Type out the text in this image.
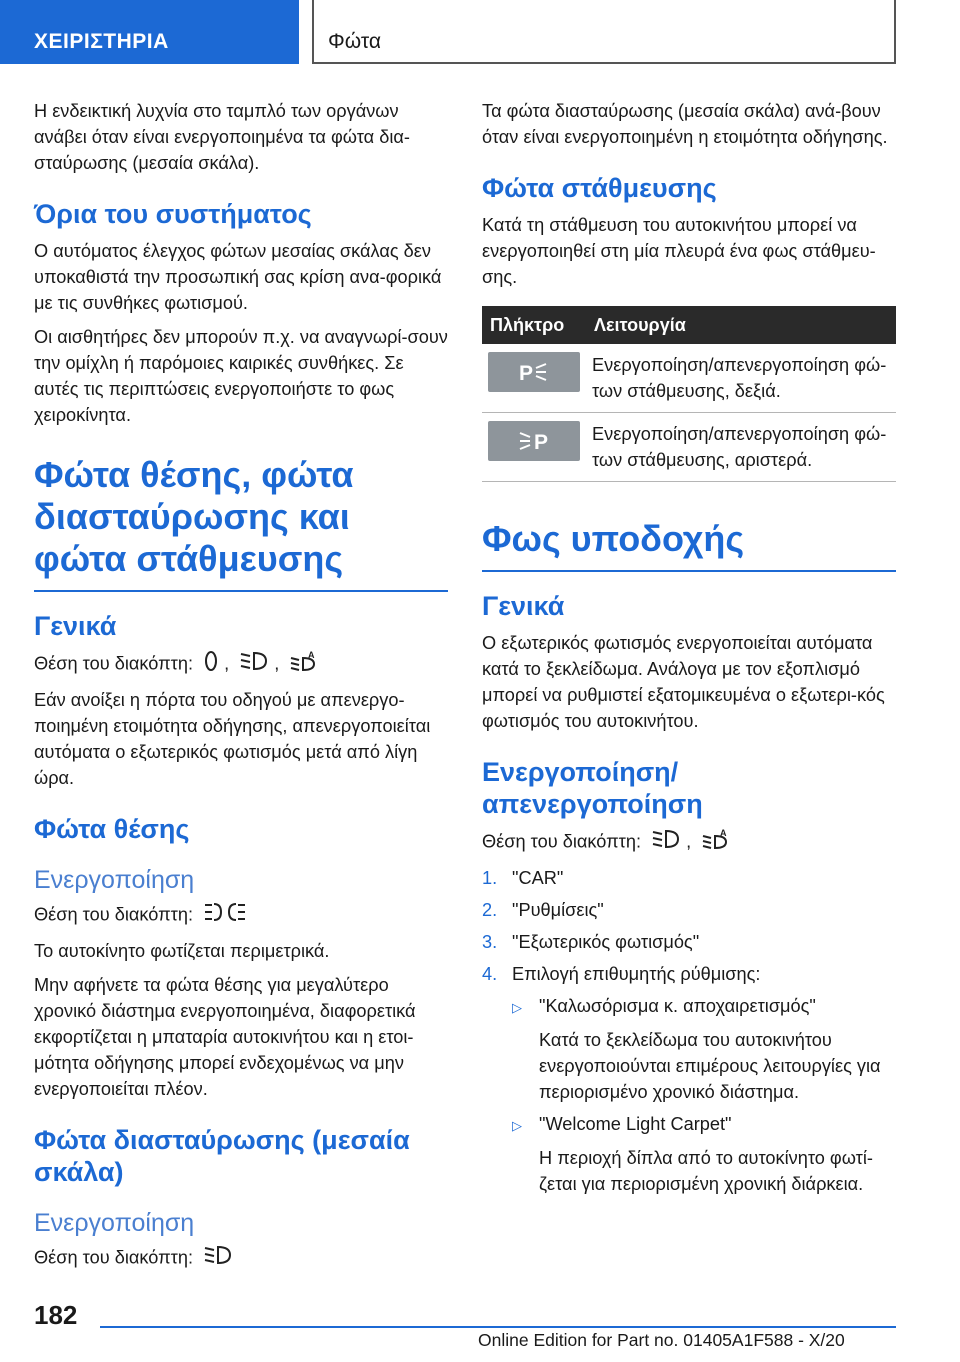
ΧΕΙΡΙΣΤΗΡΙΑ	Φώτα

Η ενδεικτική λυχνία στο ταμπλό των οργάνων ανάβει όταν είναι ενεργοποιημένα τα φώτα δια-σταύρωσης (μεσαία σκάλα).

Όρια του συστήματος

Ο αυτόματος έλεγχος φώτων μεσαίας σκάλας δεν υποκαθιστά την προσωπική σας κρίση ανα-φορικά με τις συνθήκες φωτισμού.

Οι αισθητήρες δεν μπορούν π.χ. να αναγνωρί-σουν την ομίχλη ή παρόμοιες καιρικές συνθήκες. Σε αυτές τις περιπτώσεις ενεργοποιήστε το φως χειροκίνητα.

Φώτα θέσης, φώτα διασταύρωσης και φώτα στάθμευσης
Γενικά

Θέση του διακόπτη: , ,	A

Εάν ανοίξει η πόρτα του οδηγού με απενεργο-ποιημένη ετοιμότητα οδήγησης, απενεργοποιείται αυτόματα ο εξωτερικός φωτισμός μετά από λίγη ώρα.

Φώτα θέσης
Ενεργοποίηση

Θέση του διακόπτη:

Το αυτοκίνητο φωτίζεται περιμετρικά.

Μην αφήνετε τα φώτα θέσης για μεγαλύτερο χρονικό διάστημα ενεργοποιημένα, διαφορετικά εκφορτίζεται η μπαταρία αυτοκινήτου και η ετοι-μότητα οδήγησης μπορεί ενδεχομένως να μην ενεργοποιείται πλέον.

Φώτα διασταύρωσης (μεσαία σκάλα)
Ενεργοποίηση

Θέση του διακόπτη:

Τα φώτα διασταύρωσης (μεσαία σκάλα) ανά-βουν όταν είναι ενεργοποιημένη η ετοιμότητα οδήγησης.

Φώτα στάθμευσης

Κατά τη στάθμευση του αυτοκινήτου μπορεί να ενεργοποιηθεί στη μία πλευρά ένα φως στάθμευ-σης.

Πλήκτρο	Λειτουργία

P	Ενεργοποίηση/απενεργοποίηση φώ-των στάθμευσης, δεξιά.

P	Ενεργοποίηση/απενεργοποίηση φώ-των στάθμευσης, αριστερά.
Φως υποδοχής
Γενικά

Ο εξωτερικός φωτισμός ενεργοποιείται αυτόματα κατά το ξεκλείδωμα. Ανάλογα με τον εξοπλισμό μπορεί να ρυθμιστεί εξατομικευμένα ο εξωτερι-κός φωτισμός του αυτοκινήτου.

Ενεργοποίηση/απενεργοποίηση

Θέση του διακόπτη: ,	A

1. "CAR"
2. "Ρυθμίσεις"
3. "Εξωτερικός φωτισμός"
4. Επιλογή επιθυμητής ρύθμισης:
▷ "Καλωσόρισμα κ. αποχαιρετισμός"
Κατά το ξεκλείδωμα του αυτοκινήτου ενεργοποιούνται επιμέρους λειτουργίες για περιορισμένο χρονικό διάστημα.
▷ "Welcome Light Carpet"
Η περιοχή δίπλα από το αυτοκίνητο φωτί-ζεται για περιορισμένη χρονική διάρκεια.
182
Online Edition for Part no. 01405A1F588 - X/20
